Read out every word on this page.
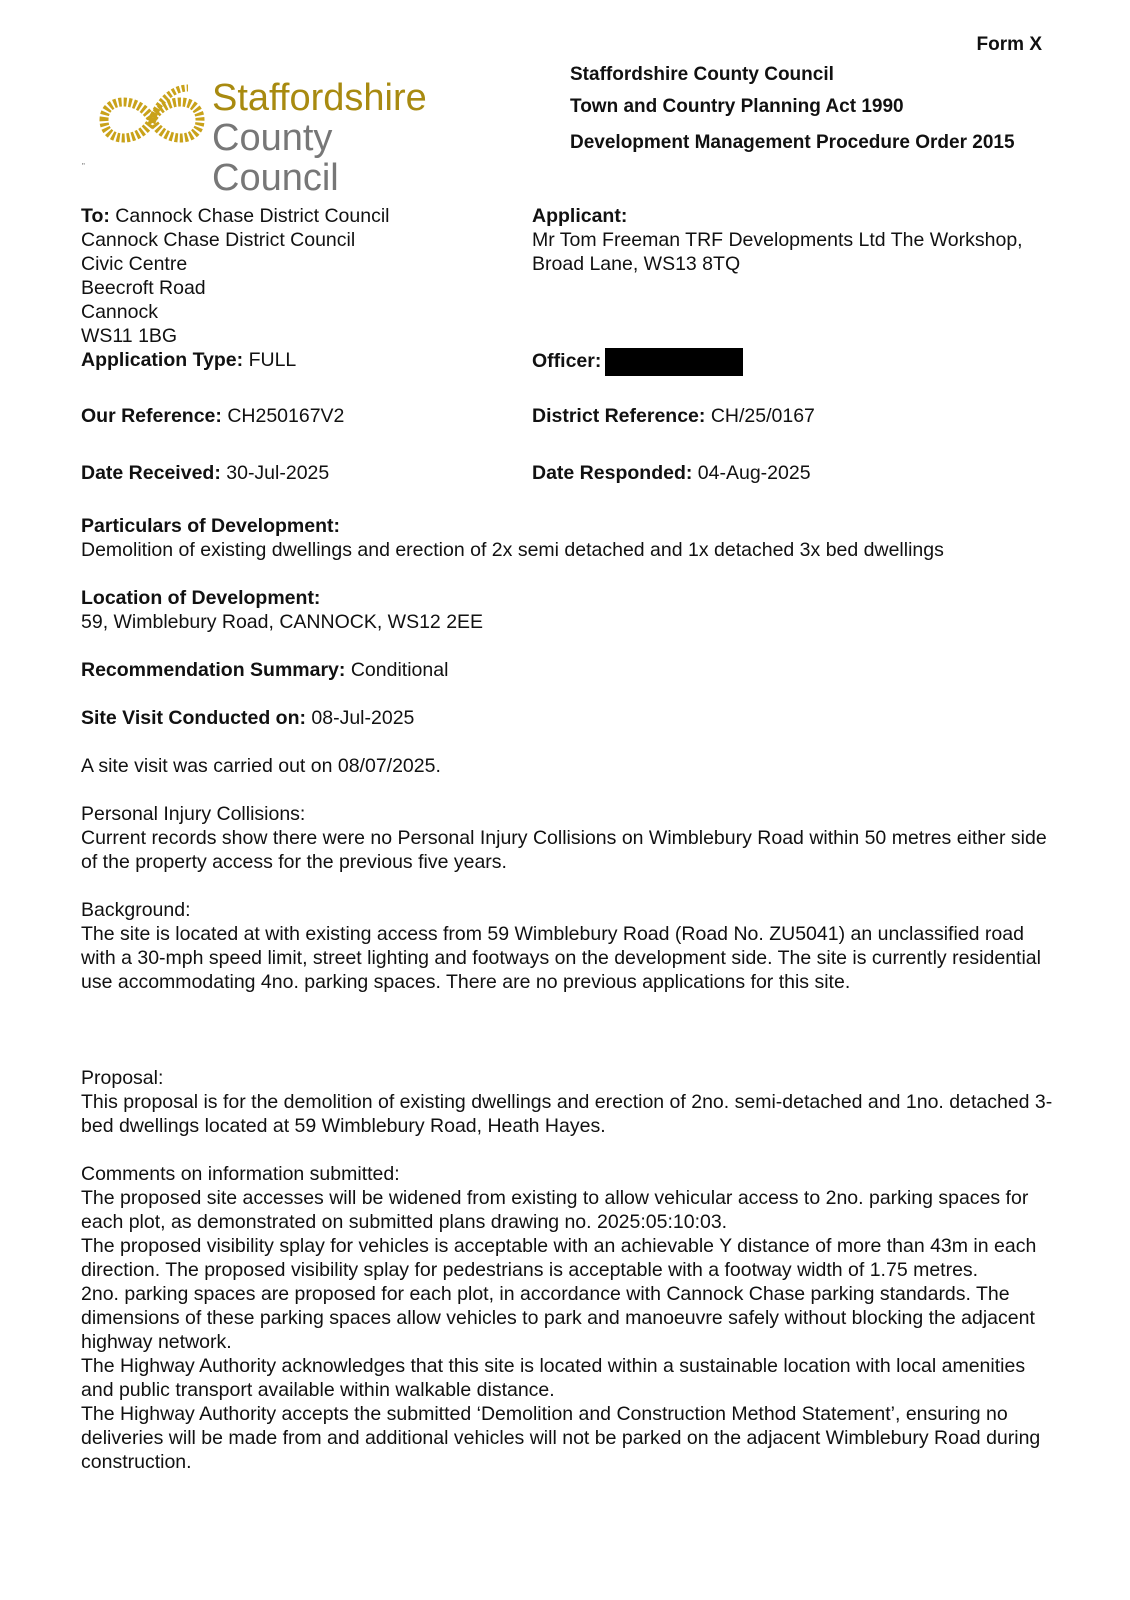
Form X
Staffordshire
County Council
"
Staffordshire County Council
Town and Country Planning Act 1990
Development Management Procedure Order 2015
To: Cannock Chase District Council
Cannock Chase District Council
Civic Centre
Beecroft Road
Cannock
WS11 1BG
Application Type: FULL
Applicant:
Mr Tom Freeman TRF Developments Ltd The Workshop,
Broad Lane, WS13 8TQ
Officer:
Our Reference: CH250167V2	District Reference: CH/25/0167
Date Received: 30-Jul-2025	Date Responded: 04-Aug-2025

Particulars of Development:

Demolition of existing dwellings and erection of 2x semi detached and 1x detached 3x bed dwellings

Location of Development:

59, Wimblebury Road, CANNOCK, WS12 2EE

Recommendation Summary: Conditional
Site Visit Conducted on: 08-Jul-2025
A site visit was carried out on 08/07/2025.

Personal Injury Collisions:

Current records show there were no Personal Injury Collisions on Wimblebury Road within 50 metres either side of the property access for the previous five years.

Background:

The site is located at with existing access from 59 Wimblebury Road (Road No. ZU5041) an unclassified road with a 30-mph speed limit, street lighting and footways on the development side. The site is currently residential use accommodating 4no. parking spaces. There are no previous applications for this site.

Proposal:

This proposal is for the demolition of existing dwellings and erection of 2no. semi-detached and 1no. detached 3- bed dwellings located at 59 Wimblebury Road, Heath Hayes.

Comments on information submitted:

The proposed site accesses will be widened from existing to allow vehicular access to 2no. parking spaces for each plot, as demonstrated on submitted plans drawing no. 2025:05:10:03.

The proposed visibility splay for vehicles is acceptable with an achievable Y distance of more than 43m in each direction. The proposed visibility splay for pedestrians is acceptable with a footway width of 1.75 metres.

2no. parking spaces are proposed for each plot, in accordance with Cannock Chase parking standards. The dimensions of these parking spaces allow vehicles to park and manoeuvre safely without blocking the adjacent highway network.

The Highway Authority acknowledges that this site is located within a sustainable location with local amenities and public transport available within walkable distance.

The Highway Authority accepts the submitted ‘Demolition and Construction Method Statement’, ensuring no deliveries will be made from and additional vehicles will not be parked on the adjacent Wimblebury Road during construction.
